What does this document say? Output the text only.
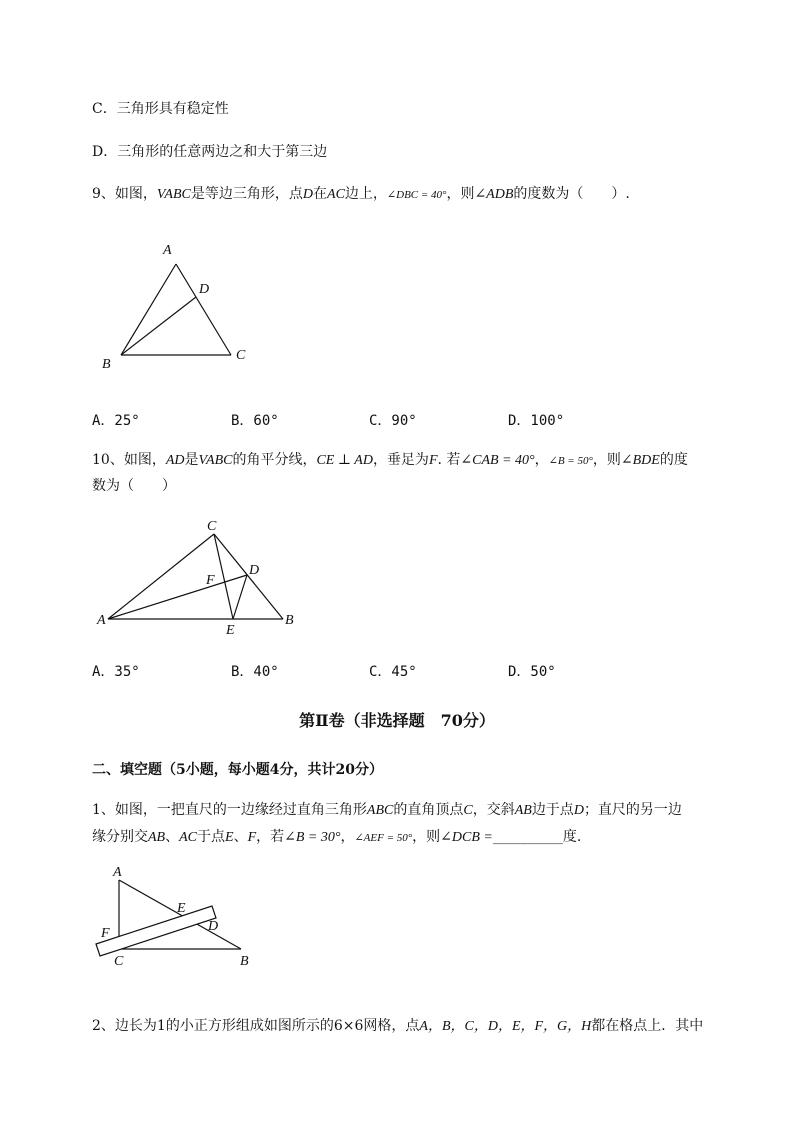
C．三角形具有稳定性
D．三角形的任意两边之和大于第三边
9、如图，VABC是等边三角形，点D在AC边上，∠DBC = 40°，则∠ADB的度数为（　　）.
A
D
B
C
A．25°	B．60°	C．90°	D．100°
10、如图，AD是VABC的角平分线，CE ⊥ AD，垂足为F. 若∠CAB = 40°，∠B = 50°，则∠BDE的度
数为（　　）
C
F
D
A	B
E
A．35°	B．40°	C．45°	D．50°
第Ⅱ卷（非选择题　70分）
二、填空题（5小题，每小题4分，共计20分）
1、如图，一把直尺的一边缘经过直角三角形ABC的直角顶点C，交斜AB边于点D；直尺的另一边
缘分别交AB、AC于点E、F，若∠B = 30°，∠AEF = 50°，则∠DCB =__________度.
A
E
D
F
C	B
2、边长为1的小正方形组成如图所示的6×6网格，点A，B，C，D，E，F，G，H都在格点上．其中
